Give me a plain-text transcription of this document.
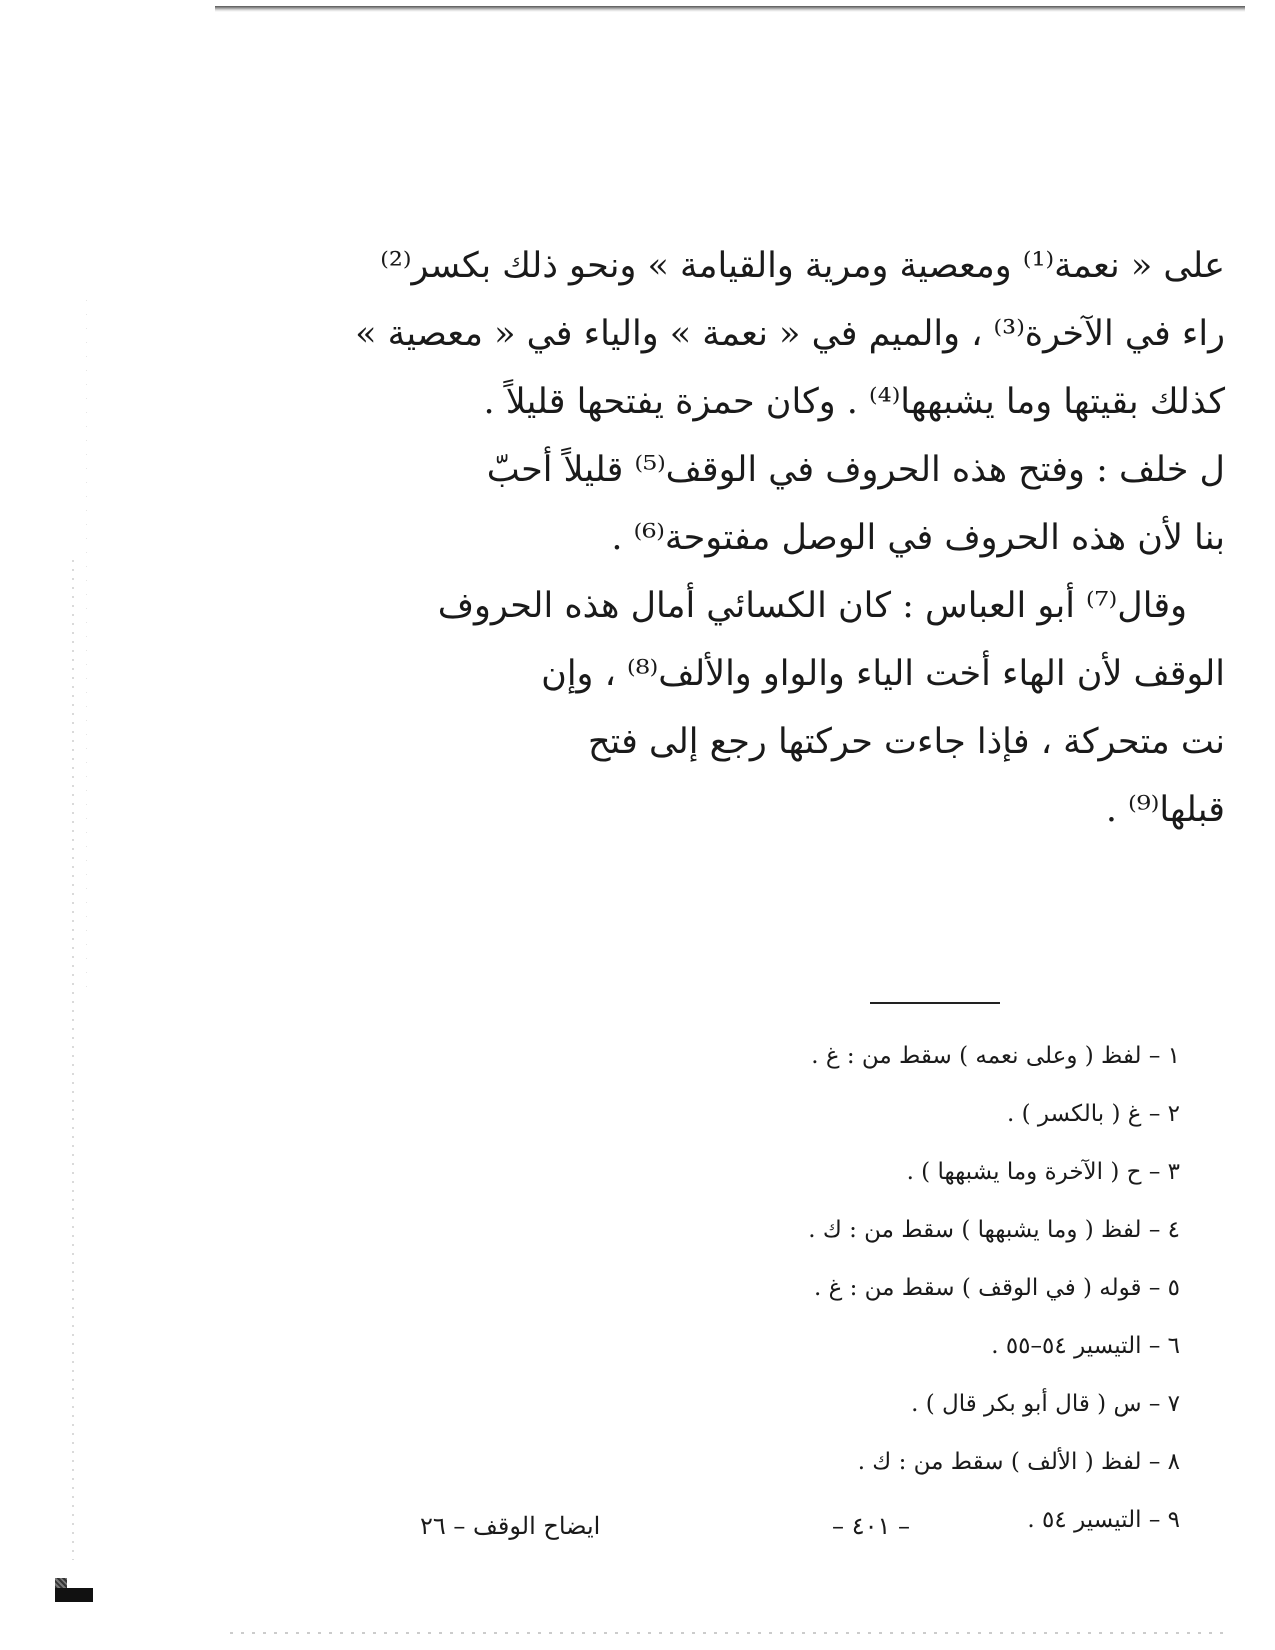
على « نعمة⁽¹⁾ ومعصية ومرية والقيامة » ونحو ذلك بكسر⁽²⁾
راء في الآخرة⁽³⁾ ، والميم في « نعمة » والياء في « معصية »
كذلك بقيتها وما يشبهها⁽⁴⁾ . وكان حمزة يفتحها قليلاً .
ل خلف : وفتح هذه الحروف في الوقف⁽⁵⁾ قليلاً أحبّ
بنا لأن هذه الحروف في الوصل مفتوحة⁽⁶⁾ .
وقال⁽⁷⁾ أبو العباس : كان الكسائي أمال هذه الحروف
الوقف لأن الهاء أخت الياء والواو والألف⁽⁸⁾ ، وإن
نت متحركة ، فإذا جاءت حركتها رجع إلى فتح
قبلها⁽⁹⁾ .
١ – لفظ ( وعلى نعمه ) سقط من : غ .
٢ – غ ( بالكسر ) .
٣ – ح ( الآخرة وما يشبهها ) .
٤ – لفظ ( وما يشبهها ) سقط من : ك .
٥ – قوله ( في الوقف ) سقط من : غ .
٦ – التيسير ٥٤–٥٥ .
٧ – س ( قال أبو بكر قال ) .
٨ – لفظ ( الألف ) سقط من : ك .
٩ – التيسير ٥٤ .
– ٤٠١ –
ايضاح الوقف – ٢٦
